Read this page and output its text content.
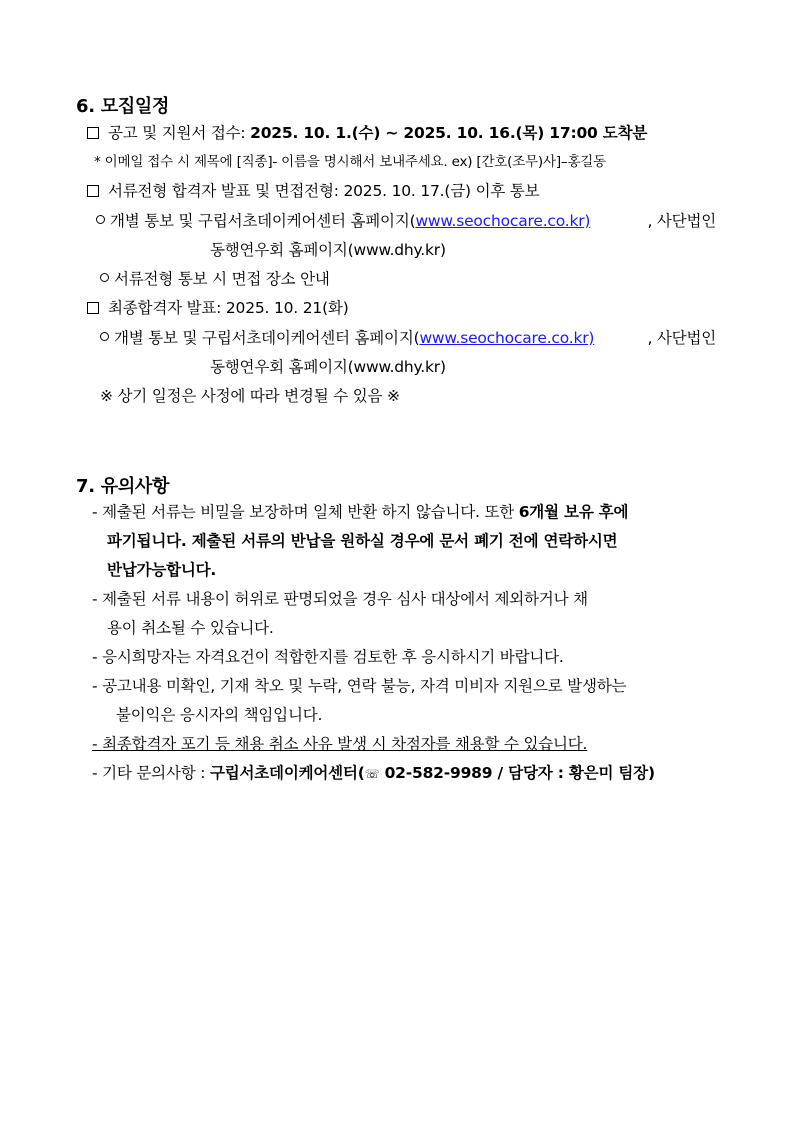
6. 모집일정
공고 및 지원서 접수: 2025. 10. 1.(수) ~ 2025. 10. 16.(목) 17:00 도착분
* 이메일 접수 시 제목에 [직종]- 이름을 명시해서 보내주세요. ex) [간호(조무)사]–홍길동
서류전형 합격자 발표 및 면접전형: 2025. 10. 17.(금) 이후 통보
개별 통보 및 구립서초데이케어센터 홈페이지(www.seochocare.co.kr)	, 사단법인
동행연우회 홈페이지(www.dhy.kr)
서류전형 통보 시 면접 장소 안내
최종합격자 발표: 2025. 10. 21(화)
개별 통보 및 구립서초데이케어센터 홈페이지(www.seochocare.co.kr)	, 사단법인
동행연우회 홈페이지(www.dhy.kr)
※ 상기 일정은 사정에 따라 변경될 수 있음 ※
7. 유의사항
- 제출된 서류는 비밀을 보장하며 일체 반환 하지 않습니다. 또한 6개월 보유 후에
파기됩니다. 제출된 서류의 반납을 원하실 경우에 문서 폐기 전에 연락하시면
반납가능합니다.
- 제출된 서류 내용이 허위로 판명되었을 경우 심사 대상에서 제외하거나 채
용이 취소될 수 있습니다.
- 응시희망자는 자격요건이 적합한지를 검토한 후 응시하시기 바랍니다.
- 공고내용 미확인, 기재 착오 및 누락, 연락 불능, 자격 미비자 지원으로 발생하는
불이익은 응시자의 책임입니다.
- 최종합격자 포기 등 채용 취소 사유 발생 시 차점자를 채용할 수 있습니다.
- 기타 문의사항 : 구립서초데이케어센터(☏ 02-582-9989 / 담당자 : 황은미 팀장)
